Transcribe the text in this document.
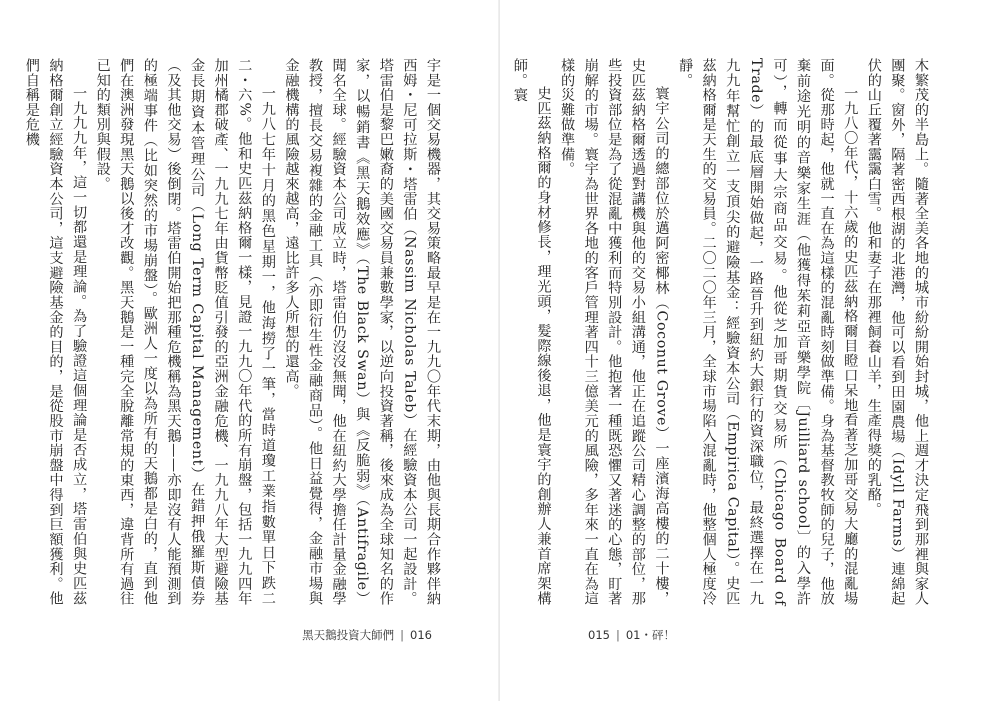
宇是一個交易機器，其交易策略最早是在一九九〇年代末期，由他與長期合作夥伴納西姆・尼可拉斯・塔雷伯（Nassim Nicholas Taleb）在經驗資本公司一起設計。塔雷伯是黎巴嫩裔的美國交易員兼數學家，以逆向投資著稱，後來成為全球知名的作家，以暢銷書《黑天鵝效應》（The Black Swan）與《反脆弱》（Antifragile）聞名全球。經驗資本公司成立時，塔雷伯仍沒沒無聞，他在紐約大學擔任計量金融學教授，擅長交易複雜的金融工具（亦即衍生性金融商品）。他日益覺得，金融市場與金融機構的風險越來越高，遠比許多人所想的還高。

一九八七年十月的黑色星期一，他海撈了一筆，當時道瓊工業指數單日下跌二二・六%。他和史匹茲納格爾一樣，見證一九九〇年代的所有崩盤，包括一九九四年加州橘郡破產、一九九七年由貨幣貶值引發的亞洲金融危機、一九九八年大型避險基金長期資本管理公司（Long Term Capital Management）在錯押俄羅斯債券（及其他交易）後倒閉。塔雷伯開始把那種危機稱為黑天鵝——亦即沒有人能預測到的極端事件（比如突然的市場崩盤）。歐洲人一度以為所有的天鵝都是白的，直到他們在澳洲發現黑天鵝以後才改觀。黑天鵝是一種完全脫離常規的東西，違背所有過往已知的類別與假設。

一九九九年，這一切都還是理論。為了驗證這個理論是否成立，塔雷伯與史匹茲納格爾創立經驗資本公司，這支避險基金的目的，是從股市崩盤中得到巨額獲利。他們自稱是危機

黑天鵝投資大師們 | 016

木繁茂的半島上。隨著全美各地的城市紛紛開始封城，他上週才決定飛到那裡與家人團聚。窗外，隔著密西根湖的北港灣，他可以看到田園農場（Idyll Farms）連綿起伏的山丘覆著靄靄白雪。他和妻子在那裡飼養山羊，生產得獎的乳酪。

一九八〇年代，十六歲的史匹茲納格爾目瞪口呆地看著芝加哥交易大廳的混亂場面。從那時起，他就一直在為這樣的混亂時刻做準備。身為基督教牧師的兒子，他放棄前途光明的音樂家生涯（他獲得茱莉亞音樂學院〔Juilliard school〕的入學許可），轉而從事大宗商品交易。他從芝加哥期貨交易所（Chicago Board of Trade）的最底層開始做起，一路晉升到紐約大銀行的資深職位，最終選擇在一九九九年幫忙創立一支頂尖的避險基金：經驗資本公司（Empirica Capital）。史匹茲納格爾是天生的交易員。二〇二〇年三月，全球市場陷入混亂時，他整個人極度冷靜。

寰宇公司的總部位於邁阿密椰林（Coconut Grove）一座濱海高樓的二十樓，史匹茲納格爾透過對講機與他的交易小組溝通，他正在追蹤公司精心調整的部位，那些投資部位是為了從混亂中獲利而特別設計。他抱著一種既恐懼又著迷的心態，盯著崩解的市場。寰宇為世界各地的客戶管理著四十三億美元的風險，多年來一直在為這樣的災難做準備。

史匹茲納格爾的身材修長，理光頭，髮際線後退，他是寰宇的創辦人兼首席架構師。寰

015 | 01・砰！
